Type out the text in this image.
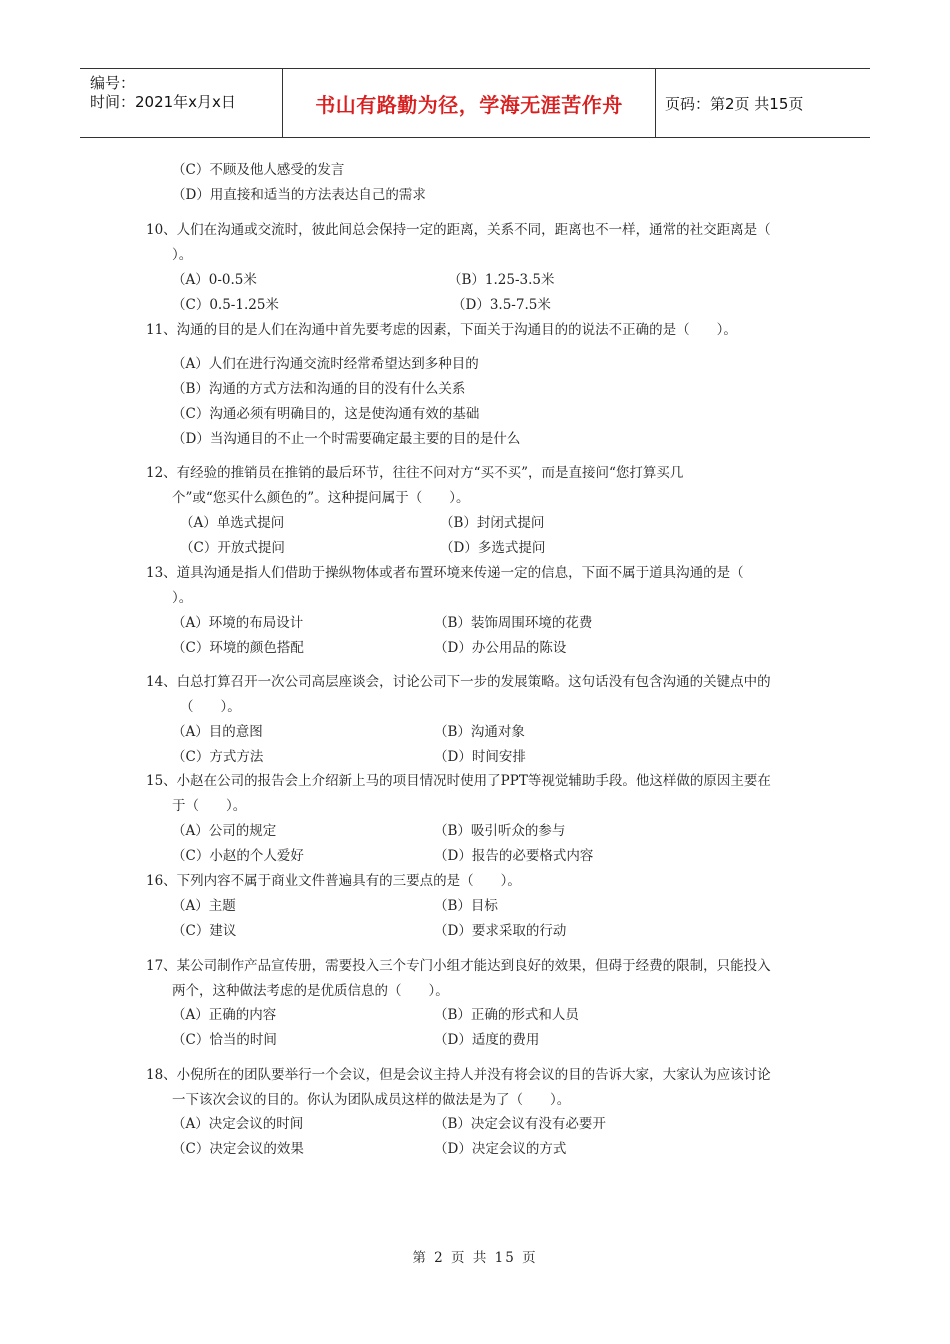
编号：
时间：2021年x月x日	书山有路勤为径，学海无涯苦作舟	页码：第2页 共15页
（C）不顾及他人感受的发言
（D）用直接和适当的方法表达自己的需求
10、人们在沟通或交流时，彼此间总会保持一定的距离，关系不同，距离也不一样，通常的社交距离是（
）。
（A）0-0.5米	（B）1.25-3.5米
（C）0.5-1.25米	（D）3.5-7.5米
11、沟通的目的是人们在沟通中首先要考虑的因素，下面关于沟通目的的说法不正确的是（　　）。
（A）人们在进行沟通交流时经常希望达到多种目的
（B）沟通的方式方法和沟通的目的没有什么关系
（C）沟通必须有明确目的，这是使沟通有效的基础
（D）当沟通目的不止一个时需要确定最主要的目的是什么
12、有经验的推销员在推销的最后环节，往往不问对方“买不买”，而是直接问“您打算买几
个”或“您买什么颜色的”。这种提问属于（　　）。
（A）单选式提问	（B）封闭式提问
（C）开放式提问	（D）多选式提问
13、道具沟通是指人们借助于操纵物体或者布置环境来传递一定的信息，下面不属于道具沟通的是（
）。
（A）环境的布局设计	（B）装饰周围环境的花费
（C）环境的颜色搭配	（D）办公用品的陈设
14、白总打算召开一次公司高层座谈会，讨论公司下一步的发展策略。这句话没有包含沟通的关键点中的
（　　）。
（A）目的意图	（B）沟通对象
（C）方式方法	（D）时间安排
15、小赵在公司的报告会上介绍新上马的项目情况时使用了PPT等视觉辅助手段。他这样做的原因主要在
于（　　）。
（A）公司的规定	（B）吸引听众的参与
（C）小赵的个人爱好	（D）报告的必要格式内容
16、下列内容不属于商业文件普遍具有的三要点的是（　　）。
（A）主题	（B）目标
（C）建议	（D）要求采取的行动
17、某公司制作产品宣传册，需要投入三个专门小组才能达到良好的效果，但碍于经费的限制，只能投入
两个，这种做法考虑的是优质信息的（　　）。
（A）正确的内容	（B）正确的形式和人员
（C）恰当的时间	（D）适度的费用
18、小倪所在的团队要举行一个会议，但是会议主持人并没有将会议的目的告诉大家，大家认为应该讨论
一下该次会议的目的。你认为团队成员这样的做法是为了（　　）。
（A）决定会议的时间	（B）决定会议有没有必要开
（C）决定会议的效果	（D）决定会议的方式
第 2 页 共 15 页
